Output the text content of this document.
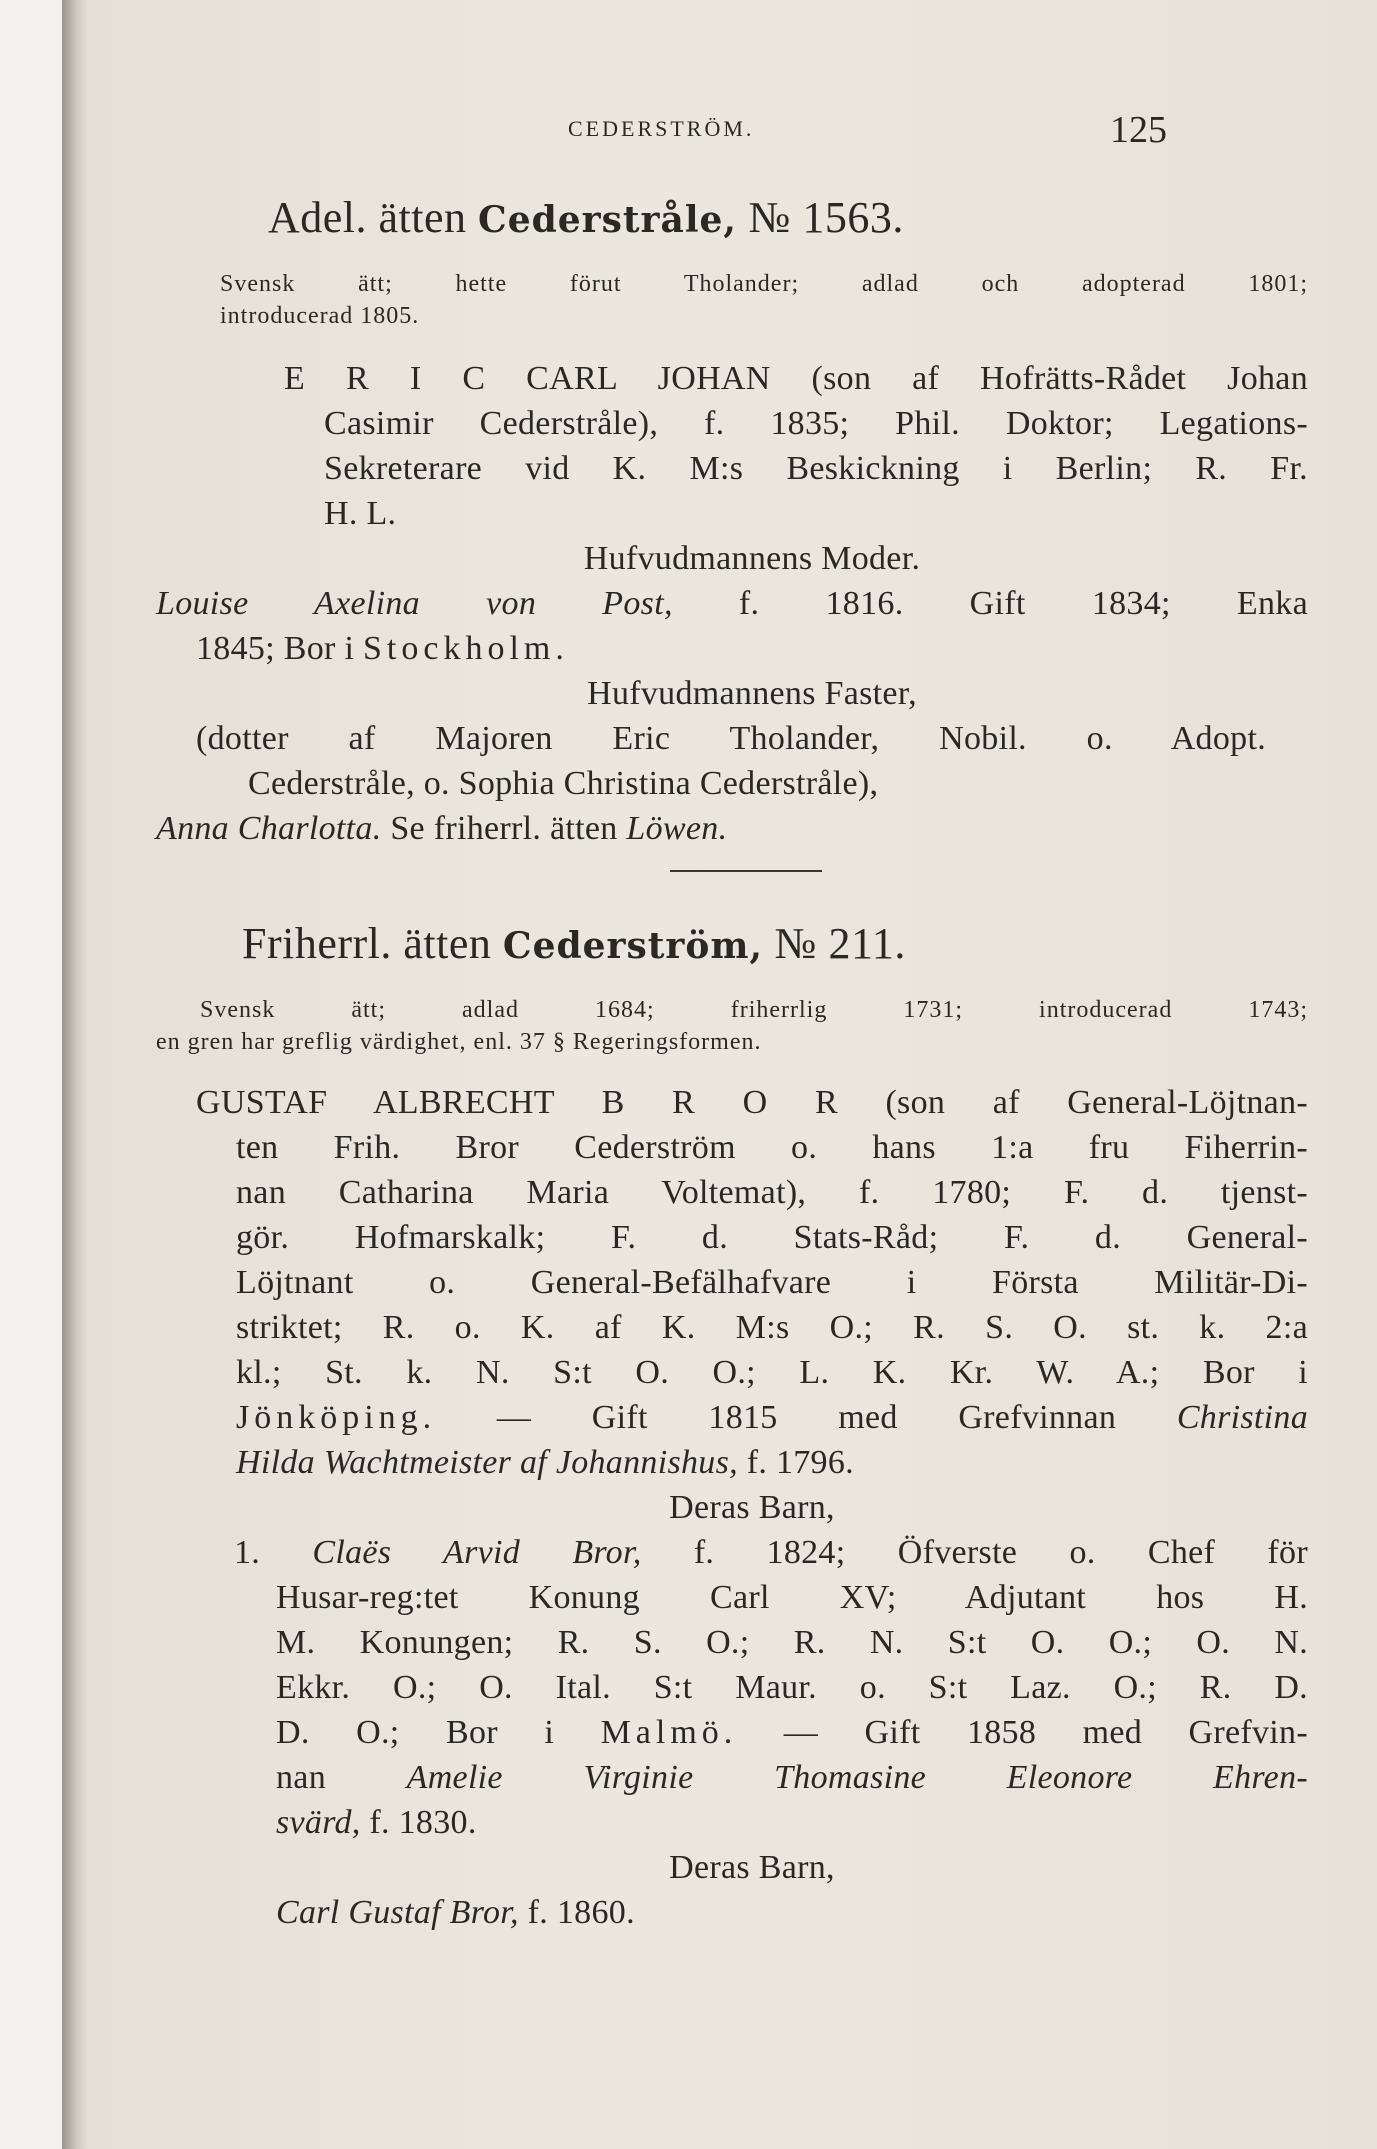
CEDERSTRÖM.	125
Adel. ätten Cederstråle, № 1563.
Svensk ätt; hette förut Tholander; adlad och adopterad 1801;
introducerad 1805.
E R I C CARL JOHAN (son af Hofrätts-Rådet Johan
Casimir Cederstråle), f. 1835; Phil. Doktor; Legations-
Sekreterare vid K. M:s Beskickning i Berlin; R. Fr.
H. L.
Hufvudmannens Moder.
Louise Axelina von Post, f. 1816. Gift 1834; Enka
1845; Bor i Stockholm.
Hufvudmannens Faster,
(dotter af Majoren Eric Tholander, Nobil. o. Adopt.
Cederstråle, o. Sophia Christina Cederstråle),
Anna Charlotta. Se friherrl. ätten Löwen.
Friherrl. ätten Cederström, № 211.
Svensk ätt; adlad 1684; friherrlig 1731; introducerad 1743;
en gren har greflig värdighet, enl. 37 § Regeringsformen.
GUSTAF ALBRECHT B R O R (son af General-Löjtnan-
ten Frih. Bror Cederström o. hans 1:a fru Fiherrin-
nan Catharina Maria Voltemat), f. 1780; F. d. tjenst-
gör. Hofmarskalk; F. d. Stats-Råd; F. d. General-
Löjtnant o. General-Befälhafvare i Första Militär-Di-
striktet; R. o. K. af K. M:s O.; R. S. O. st. k. 2:a
kl.; St. k. N. S:t O. O.; L. K. Kr. W. A.; Bor i
Jönköping. — Gift 1815 med Grefvinnan Christina
Hilda Wachtmeister af Johannishus, f. 1796.
Deras Barn,
1. Claës Arvid Bror, f. 1824; Öfverste o. Chef för
Husar-reg:tet Konung Carl XV; Adjutant hos H.
M. Konungen; R. S. O.; R. N. S:t O. O.; O. N.
Ekkr. O.; O. Ital. S:t Maur. o. S:t Laz. O.; R. D.
D. O.; Bor i Malmö. — Gift 1858 med Grefvin-
nan Amelie Virginie Thomasine Eleonore Ehren-
svärd, f. 1830.
Deras Barn,
Carl Gustaf Bror, f. 1860.
